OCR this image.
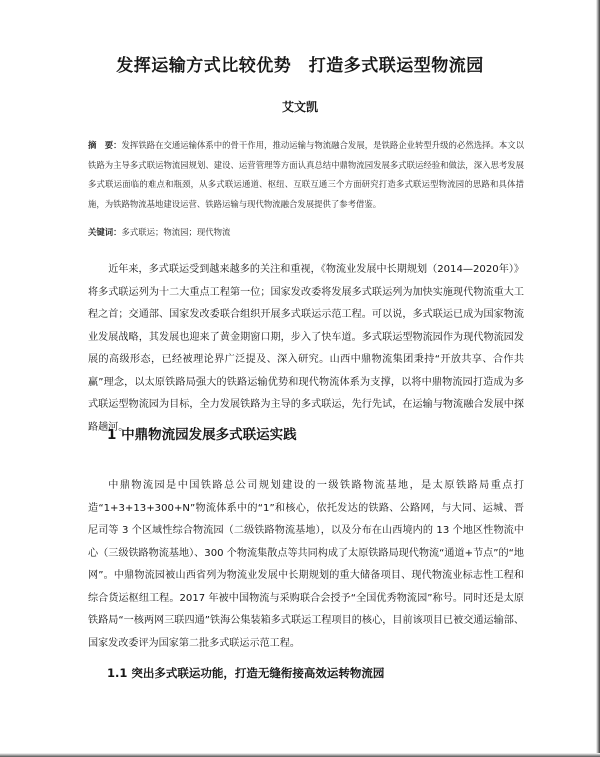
发挥运输方式比较优势　打造多式联运型物流园
艾文凯

摘　要：发挥铁路在交通运输体系中的骨干作用，推动运输与物流融合发展，是铁路企业转型升级的必然选择。本文以铁路为主导多式联运物流园规划、建设、运营管理等方面认真总结中鼎物流园发展多式联运经验和做法，深入思考发展多式联运面临的难点和瓶颈，从多式联运通道、枢纽、互联互通三个方面研究打造多式联运型物流园的思路和具体措施，为铁路物流基地建设运营、铁路运输与现代物流融合发展提供了参考借鉴。

关键词：多式联运；物流园；现代物流

近年来，多式联运受到越来越多的关注和重视，《物流业发展中长期规划（2014—2020年）》将多式联运列为十二大重点工程第一位；国家发改委将发展多式联运列为加快实施现代物流重大工程之首；交通部、国家发改委联合组织开展多式联运示范工程。可以说，多式联运已成为国家物流业发展战略，其发展也迎来了黄金期窗口期，步入了快车道。多式联运型物流园作为现代物流园发展的高级形态，已经被理论界广泛提及、深入研究。山西中鼎物流集团秉持“开放共享、合作共赢”理念，以太原铁路局强大的铁路运输优势和现代物流体系为支撑，以将中鼎物流园打造成为多式联运型物流园为目标，全力发展铁路为主导的多式联运，先行先试，在运输与物流融合发展中探路趟河。

1 中鼎物流园发展多式联运实践

中鼎物流园是中国铁路总公司规划建设的一级铁路物流基地，是太原铁路局重点打造“1+3+13+300+N”物流体系中的“1”和核心，依托发达的铁路、公路网，与大同、运城、晋尼司等 3 个区域性综合物流园（二级铁路物流基地），以及分布在山西境内的 13 个地区性物流中心（三级铁路物流基地）、300 个物流集散点等共同构成了太原铁路局现代物流“通道+节点”的“地网”。中鼎物流园被山西省列为物流业发展中长期规划的重大储备项目、现代物流业标志性工程和综合货运枢纽工程。2017 年被中国物流与采购联合会授予“全国优秀物流园”称号。同时还是太原铁路局“一核两网三联四通”铁海公集装箱多式联运工程项目的核心，目前该项目已被交通运输部、国家发改委评为国家第二批多式联运示范工程。

1.1 突出多式联运功能，打造无缝衔接高效运转物流园
